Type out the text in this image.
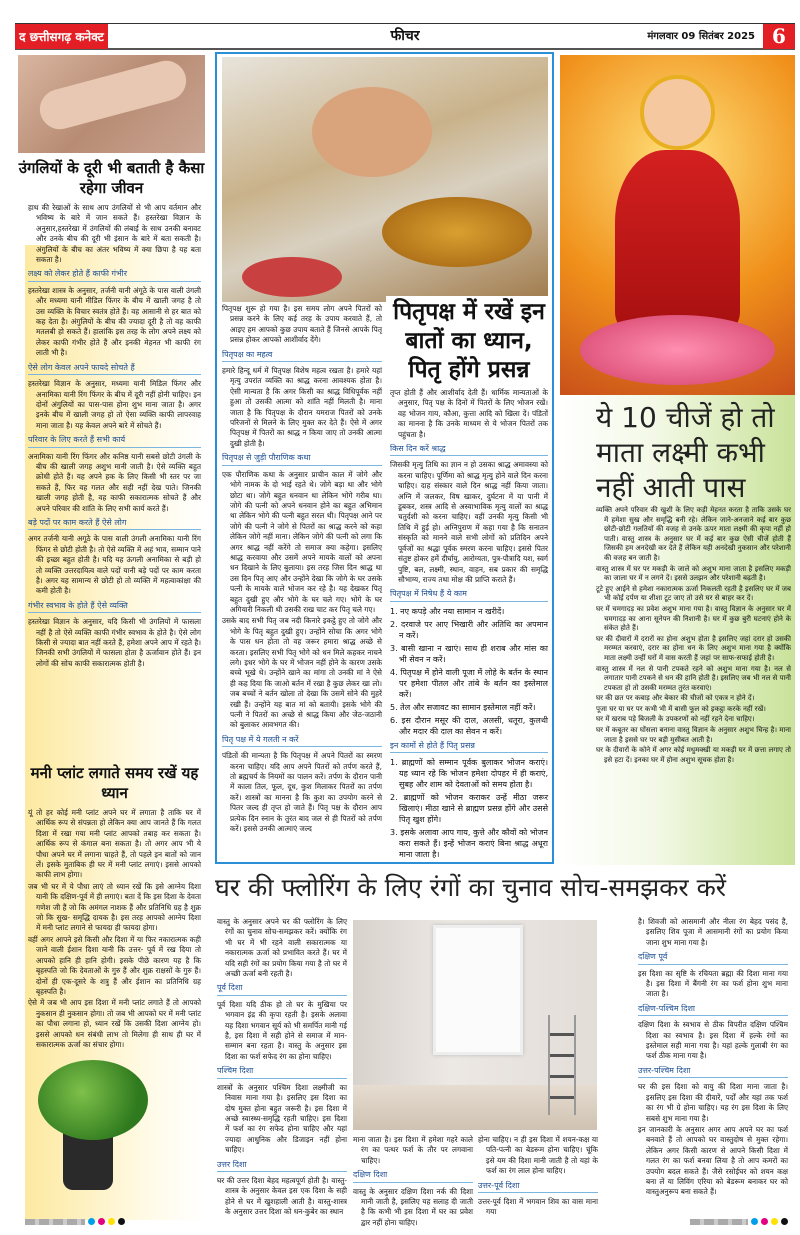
द छत्तीसगढ़ कनेक्ट	फीचर	मंगलवार 09 सितंबर 2025 6
उंगलियों के दूरी भी बताती है कैसा रहेगा जीवन

हाथ की रेखाओं के साथ आप उंगलियों से भी आप वर्तमान और भविष्य के बारे में जान सकते हैं। हस्तरेखा विज्ञान के अनुसार,हस्तरेखा में उंगलियों की लंबाई के साथ उनकी बनावट और उनके बीच की दूरी भी इंसान के बारे में बता सकती है। अंगुलियों के बीच का अंतर भविष्य में क्या छिपा है यह बता सकता है।

लक्ष्य को लेकर होते हैं काफी गंभीर

हस्तरेखा शास्त्र के अनुसार, तर्जनी यानी अंगूठे के पास वाली उंगली और मध्यमा यानी मीडिल फिंगर के बीच में खाली जगह है तो उस व्यक्ति के विचार स्वतंत्र होते हैं। वह आसानी से हर बात को कह देता है। अंगुलियों के बीच की ज्यादा दूरी है तो वह काफी मतलबी हो सकते हैं। हालांकि इस तरह के लोग अपने लक्ष्य को लेकर काफी गंभीर होते हैं और इनकी मेहनत भी काफी रंग लाती भी है।

ऐसे लोग केवल अपने फायदे सोचते हैं

हस्तरेखा विज्ञान के अनुसार, मध्यमा यानी मिडिल फिंगर और अनामिका यानी रिंग फिंगर के बीच में दूरी नहीं होनी चाहिए। इन दोनों अंगुलियों का पास-पास होना शुभ माना जाता है। अगर इनके बीच में खाली जगह हो तो ऐसा व्यक्ति काफी लापरवाह माना जाता है। यह केवल अपने बारे में सोचते हैं।

परिवार के लिए करते हैं सभी कार्य

अनामिका यानी रिंग फिंगर और कनिष्ठ यानी सबसे छोटी उंगली के बीच की खाली जगह अशुभ मानी जाती है। ऐसे व्यक्ति बहुत क्रोधी होते हैं। यह अपने हक के लिए किसी भी स्तर पर जा सकते हैं, फिर वह गलत और सही नहीं देख पाते। जिनकी खाली जगह होती है, वह काफी सकारात्मक सोचते हैं और अपने परिवार की शांति के लिए सभी कार्य करते हैं।

बड़े पदों पर काम करते हैं ऐसे लोग

अगर तर्जनी यानी अगूठे के पास वाली उंगली अनामिका यानी रिंग फिंगर से छोटी होती है। तो ऐसे व्यक्ति में अहं भाव, सम्मान पाने की इच्छा बहुत होती है। यदि यह ऊंगली अनामिका से बड़ी हो तो व्यक्ति उत्तरदायित्व वाले पदों यानी बड़े पदों पर काम करता है। अगर यह सामान्य से छोटी हो तो व्यक्ति में महत्वाकांक्षा की कमी होती है।

गंभीर स्वभाव के होते हैं ऐसे व्यक्ति

हस्तरेखा विज्ञान के अनुसार, यदि किसी भी उंगलियों में फासला नहीं है तो ऐसे व्यक्ति काफी गंभीर स्वभाव के होते है। ऐसे लोग किसी से ज्यादा बात नहीं करते हैं, हमेशा अपने आप में रहते है। जिनकी सभी उंगलियों में फासला होता है ऊर्जावान होते हैं। इन लोगों की सोच काफी सकारात्मक होती है।

मनी प्लांट लगाते समय रखें यह ध्यान

यूं तो हर कोई मनी प्लांट अपने घर में लगाता है ताकि घर में आर्थिक रूप से संपन्नता हो लेकिन क्या आप जानते हैं कि गलत दिशा में रखा गया मनी प्लांट आपको तबाह कर सकता है। आर्थिक रूप से कंगाल बना सकता है। तो अगर आप भी ये पौधा अपने घर में लगाना चाहते हैं, तो पहले इन बातों को जान लें। इसके मुताबिक ही घर में मनी प्लांट लगाएं। इससे आपको काफी लाभ होगा।

जब भी घर में ये पौधा लाएं तो ध्यान रखें कि इसे आग्नेय दिशा यानी कि दक्षिण-पूर्व में ही लगाएं। बता दें कि इस दिशा के देवता गणेश जी हैं जो कि अमंगल नाशक हैं और प्रतिनिधि ग्रह है शुक्र जो कि सुख- समृद्धि दायक है। इस तरह आपको आग्नेय दिशा में मनी प्लांट लगाने से फायदा ही फायदा होगा।

वहीं अगर आपने इसे किसी और दिशा में या फिर नकारात्मक कही जाने वाली ईशान दिशा यानी कि उत्तर- पूर्व में रख दिया तो आपको हानि ही हानि होगी। इसके पीछे कारण यह है कि बृहस्पति जो कि देवताओं के गुरु हैं और शुक्र राक्षसों के गुरु हैं। दोनों ही एक-दूसरे के शत्रु हैं और ईशान का प्रतिनिधि ग्रह बृहस्पति है।

ऐसे में जब भी आप इस दिशा में मनी प्लांट लगाते हैं तो आपको नुकसान ही नुकसान होगा। तो जब भी आपको घर में मनी प्लांट का पौधा लगाना हो, ध्यान रखें कि उसकी दिशा आग्नेय हो। इससे आपको धन संबंधी लाभ तो मिलेगा ही साथ ही घर में सकारात्मक ऊर्जा का संचार होगा।

पितृपक्ष में रखें इन बातों का ध्यान, पितृ होंगे प्रसन्न

पितृपक्ष शुरू हो गया है। इस समय लोग अपने पितरों को प्रसन्न करने के लिए कई तरह के उपाय करवाते हैं, तो आइए हम आपको कुछ उपाय बताते हैं जिनसे आपके पितृ प्रसन्न होकर आपको आशीर्वाद देंगे।

पितृपक्ष का महत्व

हमारे हिन्दू धर्म में पितृपक्ष विशेष महत्व रखता है। हमारे यहां मृत्यु उपरांत व्यक्ति का श्राद्ध करना आवश्यक होता है। ऐसी मान्यता है कि अगर किसी का श्राद्ध विधिपूर्वक नहीं हुआ तो उसकी आत्मा को शांति नहीं मिलती है। माना जाता है कि पितृपक्ष के दौरान यमराज पितरों को उनके परिजनों से मिलने के लिए मुक्त कर देते हैं। ऐसे में अगर पितृपक्ष में पितरों का श्राद्ध न किया जाए तो उनकी आत्मा दुखी होती है।

पितृपक्ष से जुड़ी पौराणिक कथा

एक पौराणिक कथा के अनुसार प्राचीन काल में जोगे और भोगे नामक के दो भाई रहते थे। जोगे बड़ा था और भोगे छोटा था। जोगे बहुत धनवान था लेकिन भोगे गरीब था। जोगे की पत्नी को अपने धनवान होने का बहुत अभिमान था लेकिन भोगे की पत्नी बहुत सरल थी। पितृपक्ष आने पर जोगे की पत्नी ने जोगे से पितरों का श्राद्ध करने को कहा लेकिन जोगे नहीं माना। लेकिन जोगे की पत्नी को लगा कि अगर श्राद्ध नहीं करेंगे तो समाज क्या कहेगा। इसलिए श्राद्ध करवाया और उसमें अपने मायके वालों को अपना धन दिखाने के लिए बुलाया। इस तरह जिस दिन श्राद्ध था उस दिन पितृ आए और उन्होंने देखा कि जोगे के घर उसके पत्नी के मायके वाले भोजन कर रहे है। यह देखकर पितृ बहुत दुखी हुए और भोगे के घर चले गए। भोगे के घर अगियारी निकली थी उसकी राख चाट कर पितृ चले गए।

उसके बाद सभी पितृ जब नदी किनारे इकट्ठे हुए तो जोगे और भोगे के पितृ बहुत दुखी हुए। उन्होंने सोचा कि अगर भोगे के पास धन होता तो वह जरूर हमारा श्राद्ध अच्छे से करता। इसलिए सभी पितृ भोगे को धन मिले कहकर नाचने लगे। इधर भोगे के घर में भोजन नहीं होने के कारण उसके बच्चे भूखे थे। उन्होंने खाने का मांगा तो उनकी मां ने ऐसे ही कह दिया कि जाओ बर्तन में रखा है कुछ लेकर खा लो। जब बच्चों ने बर्तन खोला तो देखा कि उसमें सोने की मुहरें रखी हैं। उन्होंने यह बात मां को बतायी। इसके भोगे की पत्नी ने पितरों का अच्छे से श्राद्ध किया और जेठ-जठानी को बुलाकर आवभगत की।

पितृ पक्ष में ये गलती न करें

पंडितों की मान्यता है कि पितृपक्ष में अपने पितरों का स्मरण करना चाहिए। यदि आप अपने पितरों को तर्पण करते हैं, तो ब्रह्मचर्य के नियमों का पालन करें। तर्पण के दौरान पानी में काला तिल, फूल, दूध, कुश मिलाकर पितरों का तर्पण करें। शास्त्रों का मानना है कि कुश का उपयोग करने से पितर जल्द ही तृप्त हो जाते हैं। पितृ पक्ष के दौरान आप प्रत्येक दिन स्नान के तुरंत बाद जल से ही पितरों को तर्पण करें। इससे उनकी आत्माएं जल्द

तृप्त होती हैं और आशीर्वाद देती हैं। धार्मिक मान्यताओं के अनुसार, पितृ पक्ष के दिनों में पितरों के लिए भोजन रखें। वह भोजन गाय, कौआ, कुत्ता आदि को खिला दें। पंडितों का मानना है कि उनके माध्यम से ये भोजन पितरों तक पहुंचता है।

किस दिन करें श्राद्ध

जिसकी मृत्यु तिथि का ज्ञान न हो उसका श्राद्ध अमावस्या को करना चाहिए। पूर्णिमा को श्राद्ध मृत्यु होने वाले दिन करना चाहिए। दाह संस्कार वाले दिन श्राद्ध नहीं किया जाता। अग्नि में जलकर, विष खाकर, दुर्घटना में या पानी में डूबकर, शस्त्र आदि से अस्वाभाविक मृत्यु वालों का श्राद्ध चतुर्दशी को करना चाहिए। वहीं उनकी मृत्यु किसी भी तिथि में हुई हो। अग्निपुराण में कहा गया है कि सनातन संस्कृति को मानने वाले सभी लोगों को प्रतिदिन अपने पूर्वजों का श्रद्धा पूर्वक स्मरण करना चाहिए। इससे पितर संतुष्ट होकर हमें दीर्घायु, आरोग्यता, पुत्र-पौत्रादि यश, स्वर्ग पुष्टि, बल, लक्ष्मी, स्थान, वाहन, सब प्रकार की समृद्धि सौभाग्य, राज्य तथा मोक्ष की प्राप्ति कराते हैं।

पितृपक्ष में निषेध हैं ये काम
1. नए कपड़े और नया सामान न खरीदें।
2. दरवाजे पर आए भिखारी और अतिथि का अपमान न करें।
3. बासी खाना न खाएं। साथ ही शराब और मांस का भी सेवन न करें।
4. पितृपक्ष में होने वाली पूजा में लोहे के बर्तन के स्थान पर हमेशा पीतल और तांबे के बर्तन का इस्तेमाल करें।
5. तेल और सजावट का सामान इस्तेमाल नहीं करें।
6. इस दौरान मसूर की दाल, अलसी, धतूरा, कुलथी और मदार की दाल का सेवन न करें।
इन कामों से होते हैं पितृ प्रसन्न
1. ब्राह्मणों को सम्मान पूर्वक बुलाकर भोजन कराएं। यह ध्यान रहे कि भोजन हमेशा दोपहर में ही कराएं, सुबह और शाम को देवताओं को समय होता है।
2. ब्राह्मणों को भोजन कराकर उन्हें मीठा जरूर खिलाएं। मीठा खाने से ब्राह्मण प्रसन्न होंगे और उससे पितृ खुश होंगे।
3. इसके अलावा आप गाय, कुत्ते और कौवों को भोजन करा सकते हैं। इन्हें भोजन कराएं बिना श्राद्ध अधूरा माना जाता है।
ये 10 चीजें हो तो माता लक्ष्मी कभी नहीं आती पास

व्यक्ति अपने परिवार की खुशी के लिए कड़ी मेहनत करता है ताकि उसके घर में हमेशा सुख और समृद्धि बनी रहे। लेकिन जाने-अनजाने कई बार कुछ छोटी-छोटी गलतियों की वजह से उनके ऊपर माता लक्ष्मी की कृपा नहीं हो पाती। वास्तु शास्त्र के अनुसार घर में कई बार कुछ ऐसी चीजें होती हैं जिसकी हम अनदेखी कर देते हैं लेकिन यही अनदेखी नुकसान और परेशानी की वजह बन जाती है।

वास्तु शास्त्र में घर पर मकड़ी के जाले को अशुभ माना जाता है इसलिए मकड़ी का जाला घर में न लगने दें। इससे उलझन और परेशानी बढ़ती है।

टूटे हुए आईने से हमेशा नकारात्मक ऊर्जा निकलती रहती है इसलिए घर में जब भी कोई दर्पण या शीशा टूट जाए तो उसे घर से बाहर कर दें।

घर में चमगादड़ का प्रवेश अशुभ माना गया है। वास्तु विज्ञान के अनुसार घर में चमगादड़ का आना सूनेपन की निशानी है। घर में कुछ बुरी घटनाएं होने के संकेत होते हैं।

घर की दीवारों में दरारों का होना अशुभ होता है इसलिए जहां दरार हो उसकी मरम्मत करवाएं, दरार का होना धन के लिए अशुभ माना गया है क्योंकि माता लक्ष्मी उन्हीं घरों में वास करती हैं जहां पर साफ-सफाई होती है।

वास्तु शास्त्र में नल से पानी टपकते रहने को अशुभ माना गया है। नल से लगातार पानी टपकने से धन की हानि होती है। इसलिए जब भी नल से पानी टपकता हो तो उसकी मरम्मत तुरंत करवाएं।

घर की छत पर कबाड़ और बेकार की चीजों को एकत्र न होने दें।

पूजा घर या घर पर कभी भी में बासी फूल को इकट्ठा करके नहीं रखें।

घर में खराब पड़े बिजली के उपकरणों को नहीं रहने देना चाहिए।

घर में कबूतर का घोंसला बनाना वास्तु विज्ञान के अनुसार अशुभ चिन्ह है। माना जाता है इससे घर पर बड़ी मुसीबत आती है।

घर के दीवारों के कोने में अगर कोई मधुमक्खी या मकड़ी घर में छत्ता लगाए तो इसे हटा दें। इनका घर में होना अशुभ सूचक होता है।

घर की फ्लोरिंग के लिए रंगों का चुनाव सोच-समझकर करें

वास्तु के अनुसार अपने घर की फ्लोरिंग के लिए रंगों का चुनाव सोच-समझकर करें। क्योंकि रंग भी घर में भी रहने वाली सकारात्मक या नकारात्मक ऊर्जा को प्रभावित करते हैं। घर में यदि सही रंगों का प्रयोग किया गया है तो घर में अच्छी ऊर्जा बनी रहती है।

पूर्व दिशा

पूर्व दिशा यदि ठीक हो तो घर के मुखिया पर भगवान इंद्र की कृपा रहती है। इसके अलावा यह दिशा भगवान सूर्य को भी समर्पित मानी गई है, इस दिशा में सही होने से समाज में मान-सम्मान बना रहता है। वास्तु के अनुसार इस दिशा का फर्श सफेद रंग का होना चाहिए।

पश्चिम दिशा

शास्त्रों के अनुसार पश्चिम दिशा लक्ष्मीजी का निवास माना गया है। इसलिए इस दिशा का दोष मुक्त होना बहुत जरूरी है। इस दिशा में अच्छे स्वास्थ्य-समृद्धि रहती चाहिए। इस दिशा में फर्श का रंग सफेद होना चाहिए और यहां ज्यादा आधुनिक और डिजाइन नहीं होना चाहिए।

उत्तर दिशा

घर की उत्तर दिशा बेहद महत्वपूर्ण होती है। वास्तु-शास्त्र के अनुसार केवल इस एक दिशा के सही होने से घर में खुशहाली आती है। वास्तु-शास्त्र के अनुसार उत्तर दिशा को धन-कुबेर का स्थान

माना जाता है। इस दिशा में हमेशा गहरे काले रंग का पत्थर फर्श के तौर पर लगवाना चाहिए।

दक्षिण दिशा

वास्तु के अनुसार दक्षिण दिशा नर्क की दिशा मानी जाती है, इसलिए यह सलाह दी जाती है कि कभी भी इस दिशा में घर का प्रवेश द्वार नहीं होना चाहिए।

होना चाहिए। न ही इस दिशा में शयन-कक्ष या पति-पत्नी का बेडरूम होना चाहिए। चूंकि इसे यम की दिशा मानी जाती है तो यहां के फर्श का रंग लाल होना चाहिए।

उत्तर-पूर्व दिशा

उत्तर-पूर्व दिशा में भगवान शिव का वास माना गया

है। शिवजी को आसमानी और नीला रंग बेहद पसंद है, इसलिए शिव पूजा में आसमानी रंगों का प्रयोग किया जाना शुभ माना गया है।

दक्षिण पूर्व

इस दिशा का सृष्टि के रचियता ब्रह्मा की दिशा माना गया है। इस दिशा में बैंगनी रंग का फर्श होना शुभ माना जाता है।

दक्षिण-पश्चिम दिशा

दक्षिण दिशा के स्वभाव से ठीक विपरीत दक्षिण पश्चिम दिशा का स्वभाव है। इस दिशा में हल्के रंगों का इस्तेमाल सही माना गया है। यहां हल्के गुलाबी रंग का फर्श ठीक माना गया है।

उत्तर-पश्चिम दिशा

घर की इस दिशा को वायु की दिशा माना जाता है। इसलिए इस दिशा की दीवारें, पर्दों और यहां तक फर्श का रंग भी ग्रे होना चाहिए। यह रंग इस दिशा के लिए सबसे शुभ माना गया है।

इन जानकारी के अनुसार अगर आप अपने घर का फर्श बनवाते हैं तो आपको घर वास्तुदोष से मुक्त रहेगा। लेकिन अगर किसी कारण से आपने किसी दिशा में गलत रंग का फर्श बनवा लिया है तो आप कमरों का उपयोग बदल सकते हैं। जैसे रसोईघर को शयन कक्ष बना लें या लिविंग एरिया को बेडरूम बनाकर घर को वास्तुअनुरूप बना सकते हैं।
